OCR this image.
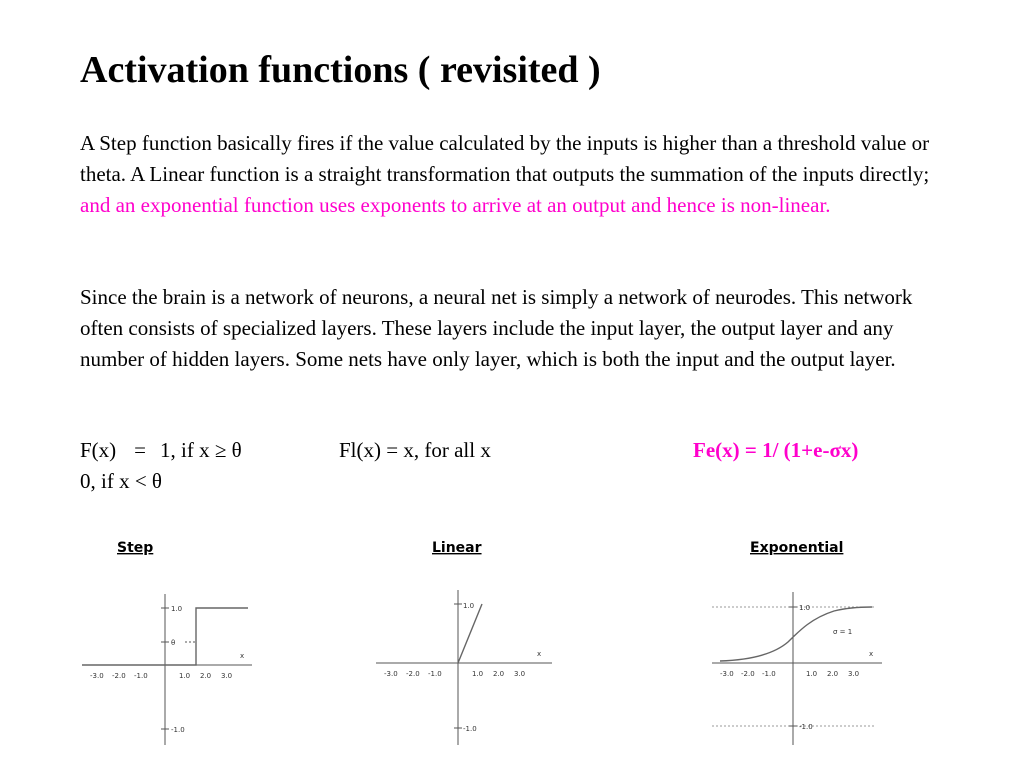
Activation functions ( revisited )
A Step function basically fires if the value calculated by the inputs is higher than a threshold value or theta. A Linear function is a straight transformation that outputs the summation of the inputs directly; and an exponential function uses exponents to arrive at an output and hence is non-linear.
Since the brain is a network of neurons, a neural net is simply a network of neurodes. This network often consists of specialized layers. These layers include the input layer, the output layer and any number of hidden layers. Some nets have only layer, which is both the input and the output layer.
F(x) = 1, if x ≥ θ	Fl(x) = x, for all x	Fe(x) = 1/ (1+e-σx)
0, if x < θ
Step
1.0
θ
-1.0
x
-3.0 -2.0 -1.0	1.0 2.0 3.0
Linear
1.0
-1.0
x
-3.0 -2.0 -1.0	1.0 2.0 3.0
Exponential
1.0
-1.0
x
σ = 1
-3.0 -2.0 -1.0	1.0 2.0 3.0
